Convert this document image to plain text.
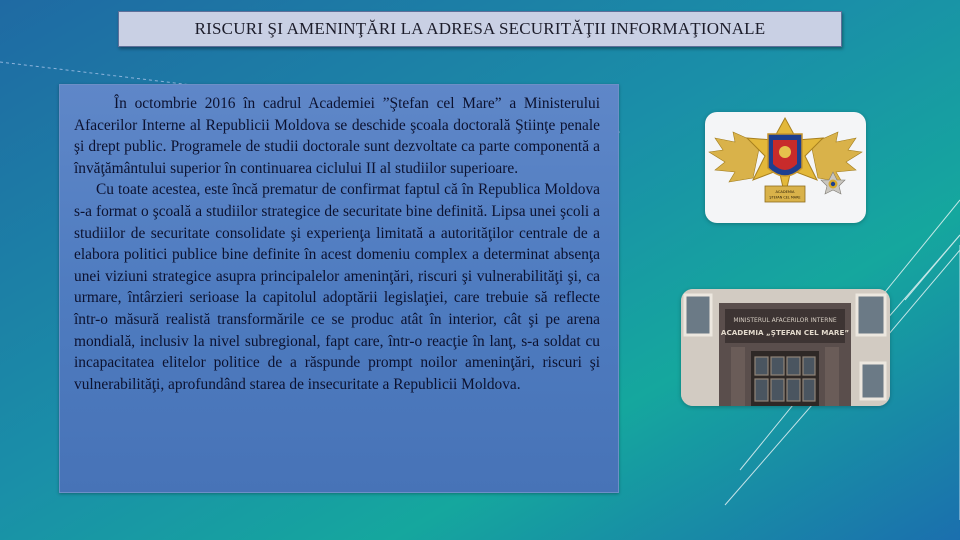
RISCURI ŞI AMENINŢĂRI LA ADRESA SECURITĂŢII INFORMAŢIONALE

În octombrie 2016 în cadrul Academiei ”Ştefan cel Mare” a Ministerului Afacerilor Interne al Republicii Moldova se deschide şcoala doctorală Ştiinţe penale şi drept public. Programele de studii doctorale sunt dezvoltate ca parte componentă a învăţământului superior în continuarea ciclului II al studiilor superioare.

Cu toate acestea, este încă prematur de confirmat faptul că în Republica Moldova s-a format o şcoală a studiilor strategice de securitate bine definită. Lipsa unei şcoli a studiilor de securitate consolidate şi experienţa limitată a autorităţilor centrale de a elabora politici publice bine definite în acest domeniu complex a determinat absenţa unei viziuni strategice asupra principalelor ameninţări, riscuri şi vulnerabilităţi şi, ca urmare, întârzieri serioase la capitolul adoptării legislaţiei, care trebuie să reflecte într-o măsură realistă transformările ce se produc atât în interior, cât şi pe arena mondială, inclusiv la nivel subregional, fapt care, într-o reacţie în lanţ, s-a soldat cu incapacitatea elitelor politice de a răspunde prompt noilor ameninţări, riscuri şi vulnerabilităţi, aprofundând starea de insecuritate a Republicii Moldova.

ACADEMIA
ȘTEFAN CEL MARE
MINISTERUL AFACERILOR INTERNE
ACADEMIA „ŞTEFAN CEL MARE”
